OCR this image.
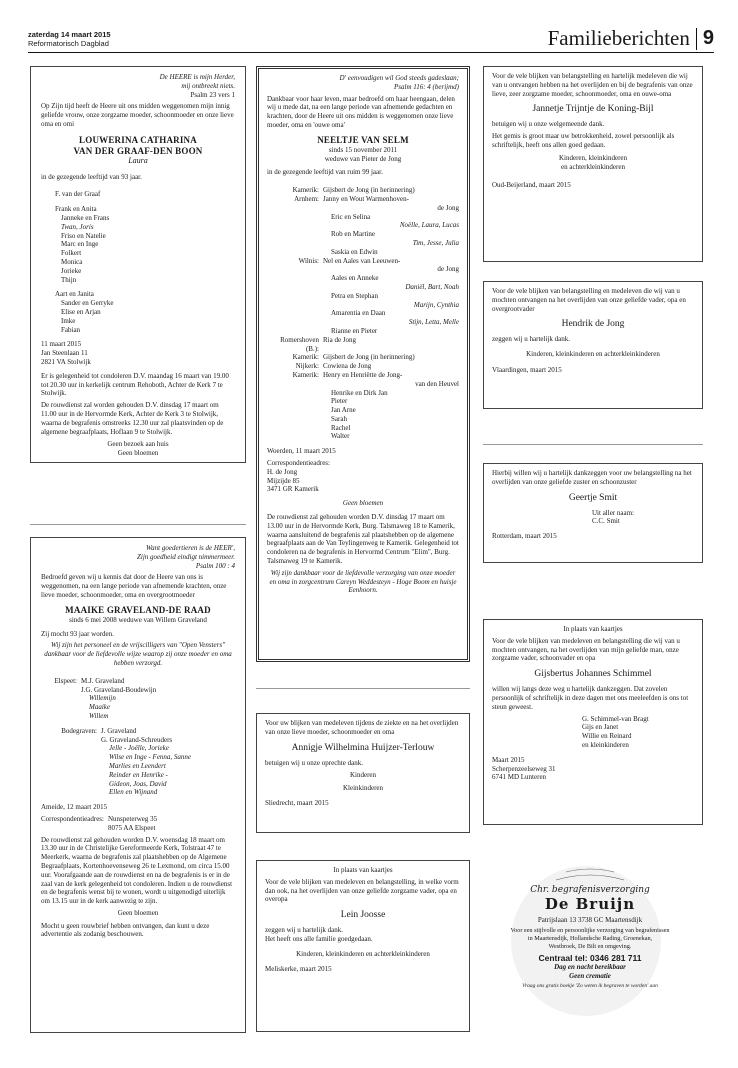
zaterdag 14 maart 2015
Reformatorisch Dagblad	Familieberichten 9
De HEERE is mijn Herder,
mij ontbreekt niets.
Psalm 23 vers 1

Op Zijn tijd heeft de Heere uit ons midden weggenomen mijn innig geliefde vrouw, onze zorgzame moeder, schoonmoeder en onze lieve oma en omi

LOUWERINA CATHARINA
VAN DER GRAAF-DEN BOON
Laura

in de gezegende leeftijd van 93 jaar.

F. van der Graaf
Frank en Anita
Janneke en Frans
Twan, Joris
Friso en Natelie
Marc en Inge
Folkert
Monica
Jorieke
Thijn
Aart en Janita
Sander en Gerryke
Elise en Arjan
Imke
Fabian
11 maart 2015
Jan Steenlaan 11
2821 VA Stolwijk

Er is gelegenheid tot condoleren D.V. maandag 16 maart van 19.00 tot 20.30 uur in kerkelijk centrum Rehoboth, Achter de Kerk 7 te Stolwijk.

De rouwdienst zal worden gehouden D.V. dinsdag 17 maart om 11.00 uur in de Hervormde Kerk, Achter de Kerk 3 te Stolwijk, waarna de begrafenis omstreeks 12.30 uur zal plaatsvinden op de algemene begraafplaats, Hoflaan 9 te Stolwijk.

Geen bezoek aan huis
Geen bloemen
Want goedertieren is de HEER',
Zijn goedheid eindigt nimmermeer.
Psalm 100 : 4

Bedroefd geven wij u kennis dat door de Heere van ons is weggenomen, na een lange periode van afnemende krachten, onze lieve moeder, schoonmoeder, oma en overgrootmoeder

MAAIKE GRAVELAND-DE RAAD
sinds 6 mei 2008 weduwe van Willem Graveland

Zij mocht 93 jaar worden.

Wij zijn het personeel en de vrijscilligers van "Open Vensters" dankbaar voor de liefdevolle wijze waarop zij onze moeder en oma hebben verzorgd.

Elspeet: M.J. Graveland
J.G. Graveland-Boudewijn
Willemijn
Maaike
Willem
Bodegraven: J. Graveland
G. Graveland-Schreuders
Jelle - Joëlle, Jorieke
Wilse en Inge - Fenna, Sanne
Marlies en Leendert
Reinder en Henrike -
Gideon, Joas, David
Ellen en Wijnand
Ameide, 12 maart 2015
Correspondentieadres: Nunspeterweg 35
8075 AA Elspeet

De rouwdienst zal gehouden worden D.V. woensdag 18 maart om 13.30 uur in de Christelijke Gereformeerde Kerk, Tolstraat 47 te Meerkerk, waarna de begrafenis zal plaatshebben op de Algemene Begraafplaats, Kortenhoevenseweg 26 te Lexmond, om circa 15.00 uur. Voorafgaande aan de rouwdienst en na de begrafenis is er in de zaal van de kerk gelegenheid tot condoleren. Indien u de rouwdienst en de begrafenis wenst bij te wonen, wordt u uitgenodigd uiterlijk om 13.15 uur in de kerk aanwezig te zijn.

Geen bloemen

Mocht u geen rouwbrief hebben ontvangen, dan kunt u deze advertentie als zodanig beschouwen.

D' eenvoudigen wil God steeds gadeslaan;
Psalm 116: 4 (berijmd)

Dankbaar voor haar leven, maar bedroefd om haar heengaan, delen wij u mede dat, na een lange periode van afnemende gedachten en krachten, door de Heere uit ons midden is weggenomen onze lieve moeder, oma en 'ouwe oma'

NEELTJE VAN SELM
sinds 15 november 2011
weduwe van Pieter de Jong

in de gezegende leeftijd van ruim 99 jaar.

Kamerik: Gijsbert de Jong (in herinnering)
Arnhem: Janny en Wout Warmenhoven-
de Jong
Eric en Selina
Noëlle, Laura, Lucas
Rob en Martine
Tim, Jesse, Julia
Saskia en Edwin
Wilnis: Nel en Aales van Leeuwen-
de Jong
Aales en Anneke
Daniël, Bart, Noah
Petra en Stephan
Marijn, Cynthia
Amarentia en Daan
Stijn, Letta, Melle
Rianne en Pieter
Romershoven (B.):
Ria de Jong
Kamerik: Gijsbert de Jong (in herinnering)
Nijkerk: Cowiena de Jong
Kamerik: Henry en Henriëtte de Jong-
van den Heuvel
Henrike en Dirk Jan
Pieter
Jan Arne
Sarah
Rachel
Walter
Woerden, 11 maart 2015
Correspondentieadres:
H. de Jong
Mijzijde 85
3471 GR Kamerik
Geen bloemen

De rouwdienst zal gehouden worden D.V. dinsdag 17 maart om 13.00 uur in de Hervormde Kerk, Burg. Talsmaweg 18 te Kamerik, waarna aansluitend de begrafenis zal plaatshebben op de algemene begraafplaats aan de Van Teylingenweg te Kamerik. Gelegenheid tot condoleren na de begrafenis in Hervormd Centrum "Elim", Burg. Talsmaweg 19 te Kamerik.

Wij zijn dankbaar voor de liefdevolle verzorging van onze moeder en oma in zorgcentrum Careyn Weddesteyn - Hoge Boom en huisje Eenhoorn.

Voor uw blijken van medeleven tijdens de ziekte en na het overlijden van onze lieve moeder, schoonmoeder en oma

Annigje Wilhelmina Huijzer-Terlouw

betuigen wij u onze oprechte dank.

Kinderen
Kleinkinderen
Sliedrecht, maart 2015
In plaats van kaartjes

Voor de vele blijken van medeleven en belangstelling, in welke vorm dan ook, na het overlijden van onze geliefde zorgzame vader, opa en overopa

Lein Joosse
zeggen wij u hartelijk dank.
Het heeft ons alle familie goedgedaan.
Kinderen, kleinkinderen en achterkleinkinderen
Meliskerke, maart 2015

Voor de vele blijken van belangstelling en hartelijk medeleven die wij van u ontvangen hebben na het overlijden en bij de begrafenis van onze lieve, zeer zorgzame moeder, schoonmoeder, oma en ouwe-oma

Jannetje Trijntje de Koning-Bijl

betuigen wij u onze welgemeende dank.

Het gemis is groot maar uw betrokkenheid, zowel persoonlijk als schriftelijk, heeft ons allen goed gedaan.

Kinderen, kleinkinderen
en achterkleinkinderen
Oud-Beijerland, maart 2015

Voor de vele blijken van belangstelling en medeleven die wij van u mochten ontvangen na het overlijden van onze geliefde vader, opa en overgrootvader

Hendrik de Jong

zeggen wij u hartelijk dank.

Kinderen, kleinkinderen en achterkleinkinderen
Vlaardingen, maart 2015

Hierbij willen wij u hartelijk dankzeggen voor uw belangstelling na het overlijden van onze geliefde zuster en schoonzuster

Geertje Smit
Uit aller naam:
C.C. Smit
Rotterdam, maart 2015
In plaats van kaartjes

Voor de vele blijken van medeleven en belangstelling die wij van u mochten ontvangen, na het overlijden van mijn geliefde man, onze zorgzame vader, schoonvader en opa

Gijsbertus Johannes Schimmel

willen wij langs deze weg u hartelijk dankzeggen. Dat zovelen persoonlijk of schriftelijk in deze dagen met ons meeleefden is ons tot steun geweest.

G. Schimmel-van Bragt
Gijs en Janet
Willie en Reinard
en kleinkinderen
Maart 2015
Scherpenzeelseweg 31
6741 MD Lunteren
Chr. begrafenisverzorging
De Bruijn
Patrijslaan 13 3738 GC Maartensdijk
Voor een stijlvolle en persoonlijke verzorging van begrafenissen
in Maartensdijk, Hollandsche Rading, Groenekan,
Westbroek, De Bilt en omgeving.
Centraal tel: 0346 281 711
Dag en nacht bereikbaar
Geen crematie
Vraag ons gratis boekje 'Zo weten ik begraven te worden' aan
